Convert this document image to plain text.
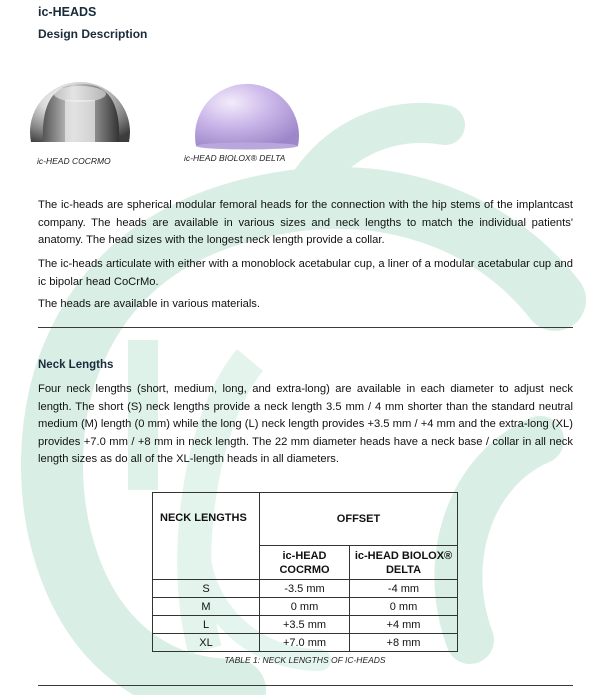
ic-HEADS
Design Description
ic-HEAD COCRMO	ic-HEAD BIOLOX® DELTA
The ic-heads are spherical modular femoral heads for the connection with the hip stems of the implantcast company. The heads are available in various sizes and neck lengths to match the individual patients' anatomy. The head sizes with the longest neck length provide a collar.
The ic-heads articulate with either with a monoblock acetabular cup, a liner of a modular acetabular cup and ic bipolar head CoCrMo.
The heads are available in various materials.
Neck Lengths
Four neck lengths (short, medium, long, and extra-long) are available in each diameter to adjust neck length. The short (S) neck lengths provide a neck length 3.5 mm / 4 mm shorter than the standard neutral medium (M) length (0 mm) while the long (L) neck length provides +3.5 mm / +4 mm and the extra-long (XL) provides +7.0 mm / +8 mm in neck length. The 22 mm diameter heads have a neck base / collar in all neck length sizes as do all of the XL-length heads in all diameters.
NECK LENGTHS	OFFSET	
	ic-HEAD COCRMO	ic-HEAD BIOLOX® DELTA
S	-3.5 mm	-4 mm
M	0 mm	0 mm
L	+3.5 mm	+4 mm
XL	+7.0 mm	+8 mm
TABLE 1: NECK LENGTHS OF IC-HEADS
